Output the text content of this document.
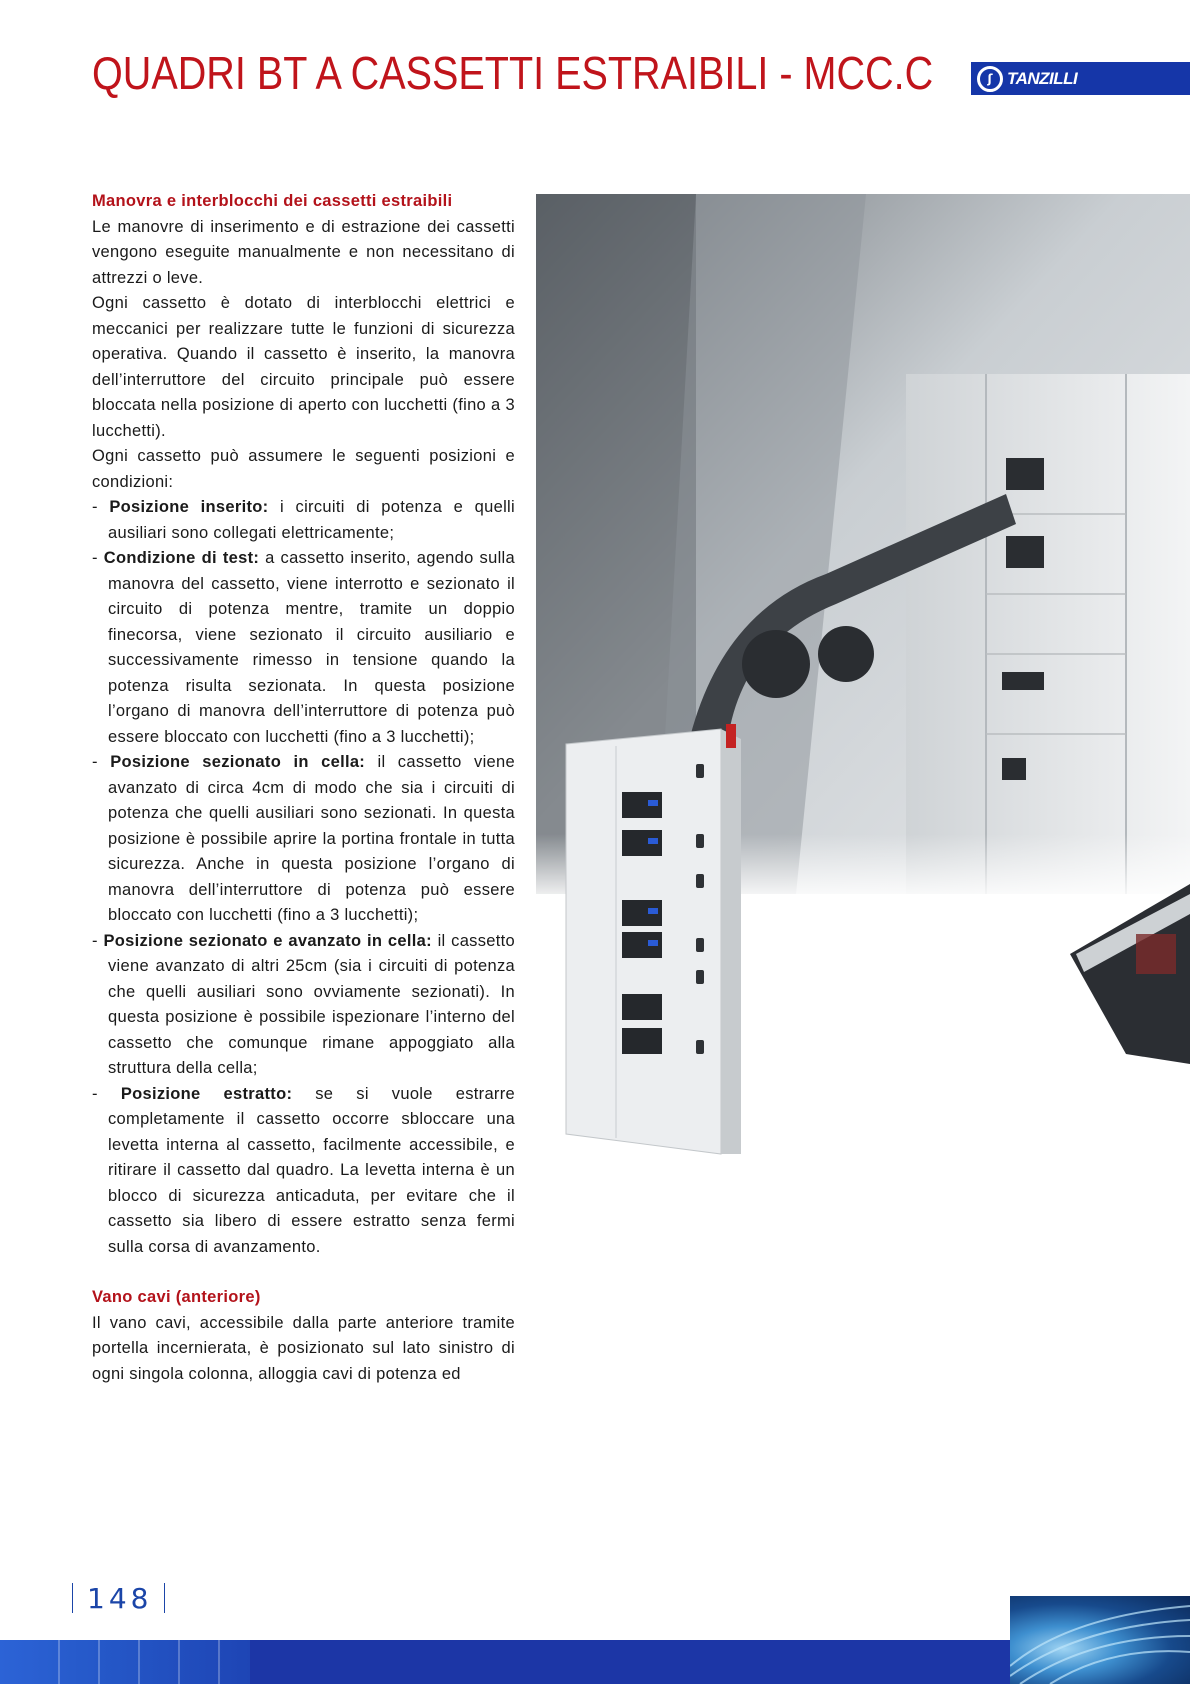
QUADRI BT A CASSETTI ESTRAIBILI - MCC.C	ʃ TANZILLI

Manovra e interblocchi dei cassetti estraibili

Le manovre di inserimento e di estrazione dei cassetti vengono eseguite manualmente e non necessitano di attrezzi o leve.

Ogni cassetto è dotato di interblocchi elettrici e meccanici per realizzare tutte le funzioni di sicurezza operativa. Quando il cassetto è inserito, la manovra dell’interruttore del circuito principale può essere bloccata nella posizione di aperto con lucchetti (fino a 3 lucchetti).

Ogni cassetto può assumere le seguenti posizioni e condizioni:

- Posizione inserito: i circuiti di potenza e quelli ausiliari sono collegati elettricamente;
- Condizione di test: a cassetto inserito, agendo sulla manovra del cassetto, viene interrotto e sezionato il circuito di potenza mentre, tramite un doppio finecorsa, viene sezionato il circuito ausiliario e successivamente rimesso in tensione quando la potenza risulta sezionata. In questa posizione l’organo di manovra dell’interruttore di potenza può essere bloccato con lucchetti (fino a 3 lucchetti);
- Posizione sezionato in cella: il cassetto viene avanzato di circa 4cm di modo che sia i circuiti di potenza che quelli ausiliari sono sezionati. In questa posizione è possibile aprire la portina frontale in tutta sicurezza. Anche in questa posizione l’organo di manovra dell’interruttore di potenza può essere bloccato con lucchetti (fino a 3 lucchetti);
- Posizione sezionato e avanzato in cella: il cassetto viene avanzato di altri 25cm (sia i circuiti di potenza che quelli ausiliari sono ovviamente sezionati). In questa posizione è possibile ispezionare l’interno del cassetto che comunque rimane appoggiato alla struttura della cella;
- Posizione estratto: se si vuole estrarre completamente il cassetto occorre sbloccare una levetta interna al cassetto, facilmente accessibile, e ritirare il cassetto dal quadro. La levetta interna è un blocco di sicurezza anticaduta, per evitare che il cassetto sia libero di essere estratto senza fermi sulla corsa di avanzamento.

Vano cavi (anteriore)

Il vano cavi, accessibile dalla parte anteriore tramite portella incernierata, è posizionato sul lato sinistro di ogni singola colonna, alloggia cavi di potenza ed

148
